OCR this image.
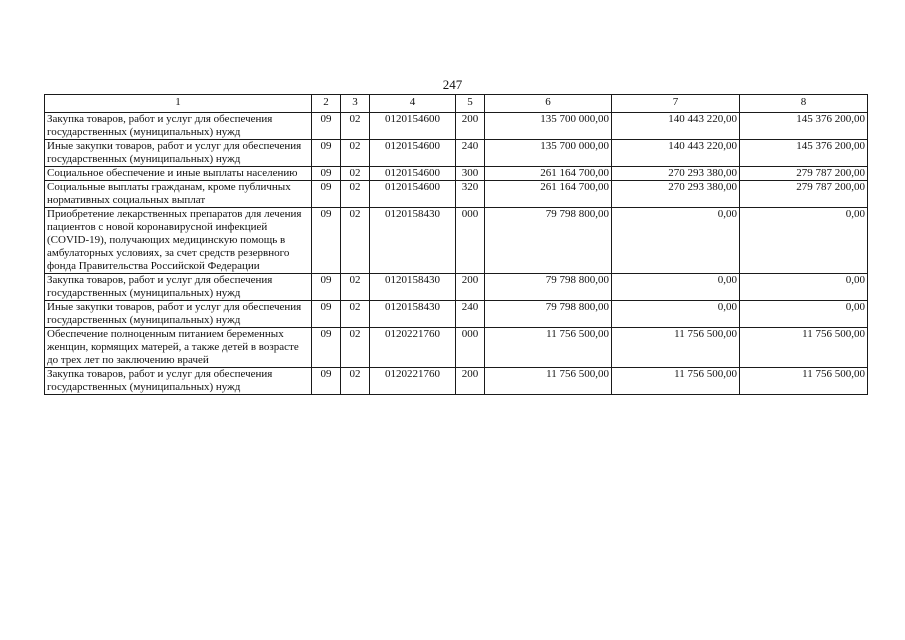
247
1	2	3	4	5	6	7	8
Закупка товаров, работ и услуг для обеспечения государственных (муниципальных) нужд	09	02	0120154600	200	135 700 000,00	140 443 220,00	145 376 200,00
Иные закупки товаров, работ и услуг для обеспечения государственных (муниципальных) нужд	09	02	0120154600	240	135 700 000,00	140 443 220,00	145 376 200,00
Социальное обеспечение и иные выплаты населению	09	02	0120154600	300	261 164 700,00	270 293 380,00	279 787 200,00
Социальные выплаты гражданам, кроме публичных нормативных социальных выплат	09	02	0120154600	320	261 164 700,00	270 293 380,00	279 787 200,00
Приобретение лекарственных препаратов для лечения пациентов с новой коронавирусной инфекцией (COVID-19), получающих медицинскую помощь в амбулаторных условиях, за счет средств резервного фонда Правительства Российской Федерации	09	02	0120158430	000	79 798 800,00	0,00	0,00
Закупка товаров, работ и услуг для обеспечения государственных (муниципальных) нужд	09	02	0120158430	200	79 798 800,00	0,00	0,00
Иные закупки товаров, работ и услуг для обеспечения государственных (муниципальных) нужд	09	02	0120158430	240	79 798 800,00	0,00	0,00
Обеспечение полноценным питанием беременных женщин, кормящих матерей, а также детей в возрасте до трех лет по заключению врачей	09	02	0120221760	000	11 756 500,00	11 756 500,00	11 756 500,00
Закупка товаров, работ и услуг для обеспечения государственных (муниципальных) нужд	09	02	0120221760	200	11 756 500,00	11 756 500,00	11 756 500,00
